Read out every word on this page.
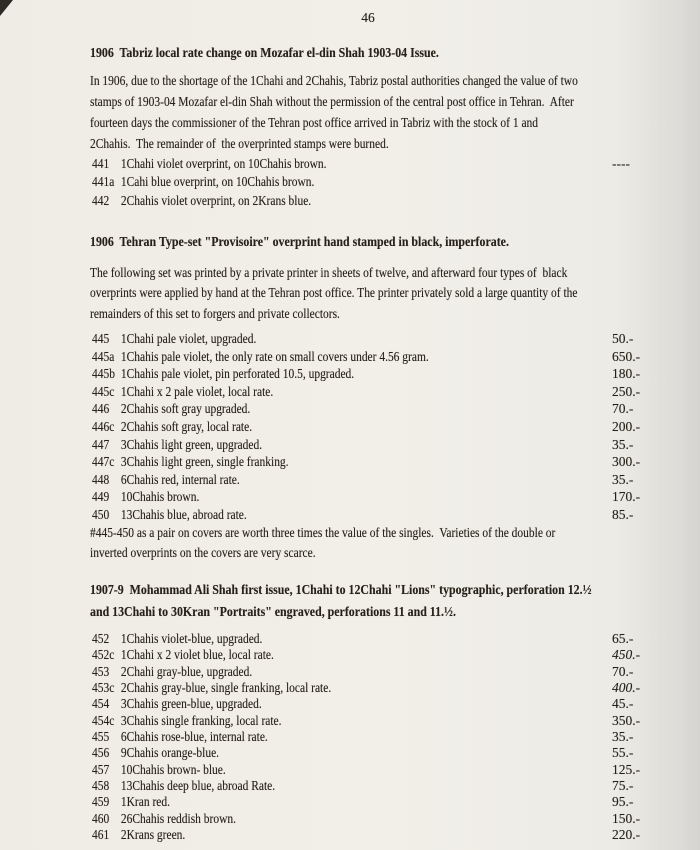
46
1906  Tabriz local rate change on Mozafar el-din Shah 1903-04 Issue.
In 1906, due to the shortage of the 1Chahi and 2Chahis, Tabriz postal authorities changed the value of two
stamps of 1903-04 Mozafar el-din Shah without the permission of the central post office in Tehran.  After
fourteen days the commissioner of the Tehran post office arrived in Tabriz with the stock of 1 and
2Chahis.  The remainder of  the overprinted stamps were burned.
441 1Chahi violet overprint, on 10Chahis brown.	----
441a 1Cahi blue overprint, on 10Chahis brown.
442 2Chahis violet overprint, on 2Krans blue.
1906  Tehran Type-set "Provisoire" overprint hand stamped in black, imperforate.
The following set was printed by a private printer in sheets of twelve, and afterward four types of  black
overprints were applied by hand at the Tehran post office. The printer privately sold a large quantity of the
remainders of this set to forgers and private collectors.
445 1Chahi pale violet, upgraded.	50.-
445a 1Chahis pale violet, the only rate on small covers under 4.56 gram.	650.-
445b 1Chahis pale violet, pin perforated 10.5, upgraded.	180.-
445c 1Chahi x 2 pale violet, local rate.	250.-
446 2Chahis soft gray upgraded.	70.-
446c 2Chahis soft gray, local rate.	200.-
447 3Chahis light green, upgraded.	35.-
447c 3Chahis light green, single franking.	300.-
448 6Chahis red, internal rate.	35.-
449 10Chahis brown.	170.-
450 13Chahis blue, abroad rate.	85.-
#445-450 as a pair on covers are worth three times the value of the singles.  Varieties of the double or
inverted overprints on the covers are very scarce.
1907-9  Mohammad Ali Shah first issue, 1Chahi to 12Chahi "Lions" typographic, perforation 12.½
and 13Chahi to 30Kran "Portraits" engraved, perforations 11 and 11.½.
452 1Chahis violet-blue, upgraded.	65.-
452c 1Chahi x 2 violet blue, local rate.	450.-
453 2Chahi gray-blue, upgraded.	70.-
453c 2Chahis gray-blue, single franking, local rate.	400.-
454 3Chahis green-blue, upgraded.	45.-
454c 3Chahis single franking, local rate.	350.-
455 6Chahis rose-blue, internal rate.	35.-
456 9Chahis orange-blue.	55.-
457 10Chahis brown- blue.	125.-
458 13Chahis deep blue, abroad Rate.	75.-
459 1Kran red.	95.-
460 26Chahis reddish brown.	150.-
461 2Krans green.	220.-
